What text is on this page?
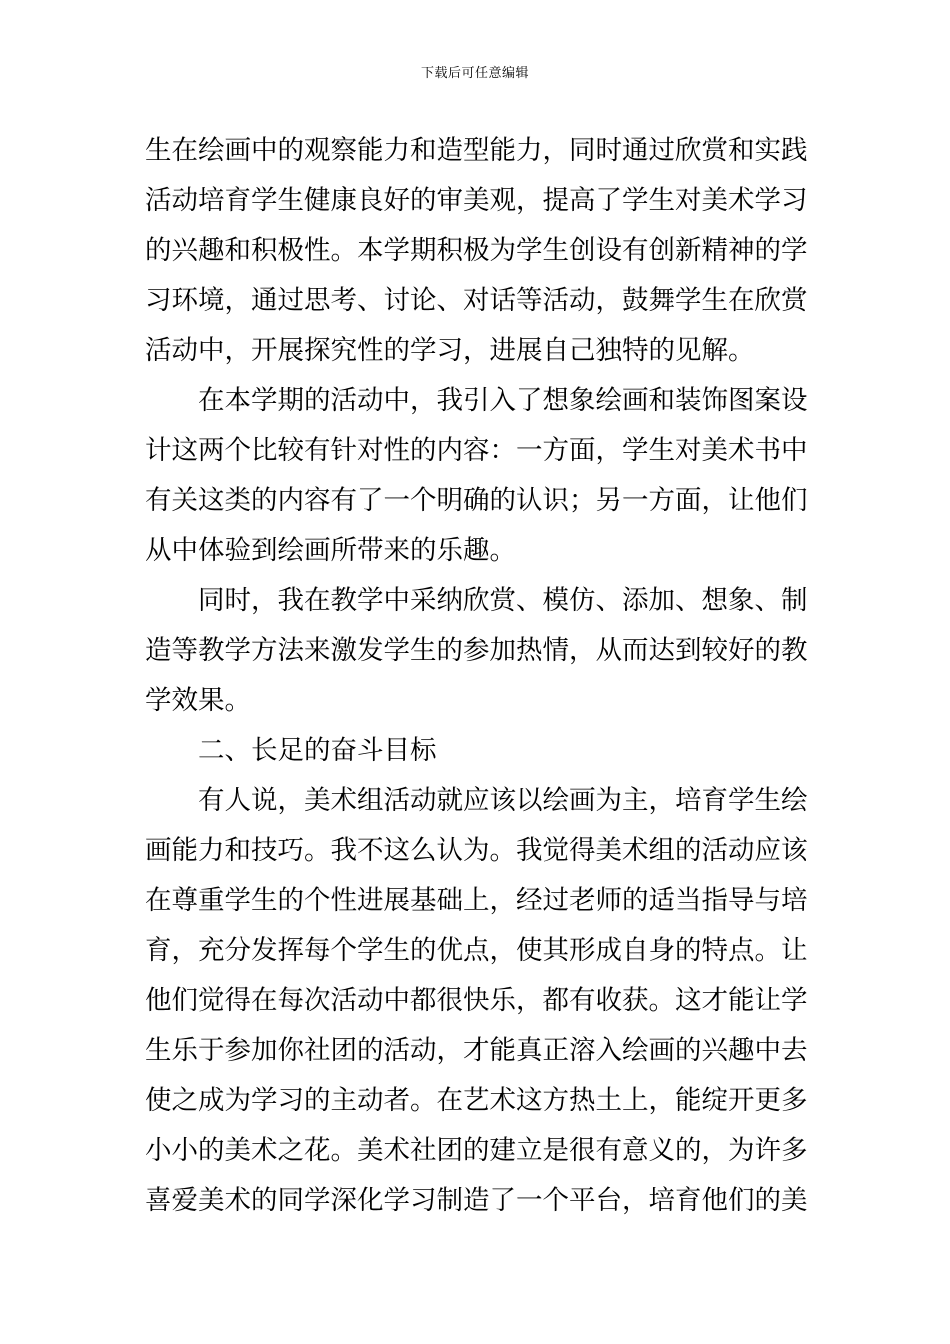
下载后可任意编辑
生在绘画中的观察能力和造型能力，同时通过欣赏和实践
活动培育学生健康良好的审美观，提高了学生对美术学习
的兴趣和积极性。本学期积极为学生创设有创新精神的学
习环境，通过思考、讨论、对话等活动，鼓舞学生在欣赏
活动中，开展探究性的学习，进展自己独特的见解。
在本学期的活动中，我引入了想象绘画和装饰图案设
计这两个比较有针对性的内容：一方面，学生对美术书中
有关这类的内容有了一个明确的认识；另一方面，让他们
从中体验到绘画所带来的乐趣。
同时，我在教学中采纳欣赏、模仿、添加、想象、制
造等教学方法来激发学生的参加热情，从而达到较好的教
学效果。
二、长足的奋斗目标
有人说，美术组活动就应该以绘画为主，培育学生绘
画能力和技巧。我不这么认为。我觉得美术组的活动应该
在尊重学生的个性进展基础上，经过老师的适当指导与培
育，充分发挥每个学生的优点，使其形成自身的特点。让
他们觉得在每次活动中都很快乐，都有收获。这才能让学
生乐于参加你社团的活动，才能真正溶入绘画的兴趣中去
使之成为学习的主动者。在艺术这方热土上，能绽开更多
小小的美术之花。美术社团的建立是很有意义的，为许多
喜爱美术的同学深化学习制造了一个平台，培育他们的美
